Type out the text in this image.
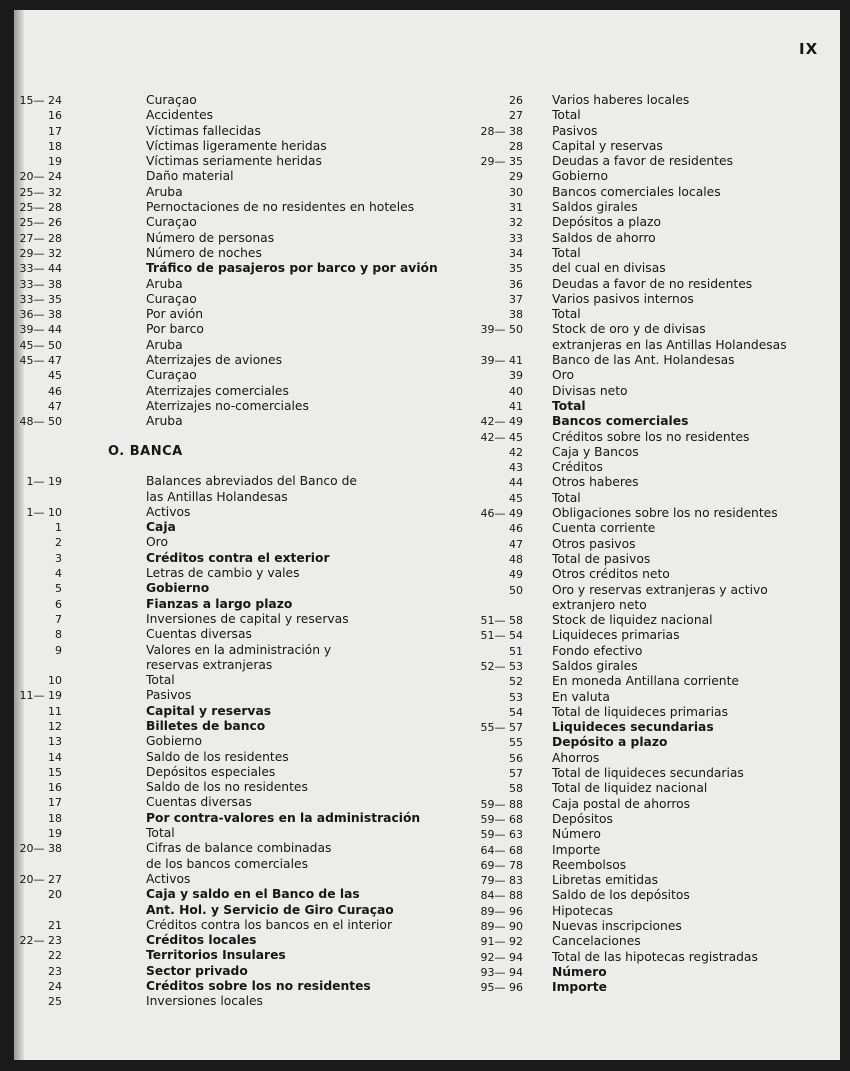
IX
15— 24	Curaçao
16	Accidentes
17	Víctimas fallecidas
18	Víctimas ligeramente heridas
19	Víctimas seriamente heridas
20— 24	Daño material
25— 32	Aruba
25— 28	Pernoctaciones de no residentes en hoteles
25— 26	Curaçao
27— 28	Número de personas
29— 32	Número de noches
33— 44	Tráfico de pasajeros por barco y por avión
33— 38	Aruba
33— 35	Curaçao
36— 38	Por avión
39— 44	Por barco
45— 50	Aruba
45— 47	Aterrizajes de aviones
45	Curaçao
46	Aterrizajes comerciales
47	Aterrizajes no-comerciales
48— 50	Aruba
O. BANCA
1— 19	Balances abreviados del Banco de
las Antillas Holandesas
1— 10	Activos
1	Caja
2	Oro
3	Créditos contra el exterior
4	Letras de cambio y vales
5	Gobierno
6	Fianzas a largo plazo
7	Inversiones de capital y reservas
8	Cuentas diversas
9	Valores en la administración y
reservas extranjeras
10	Total
11— 19	Pasivos
11	Capital y reservas
12	Billetes de banco
13	Gobierno
14	Saldo de los residentes
15	Depósitos especiales
16	Saldo de los no residentes
17	Cuentas diversas
18	Por contra-valores en la administración
19	Total
20— 38	Cifras de balance combinadas
de los bancos comerciales
20— 27	Activos
20	Caja y saldo en el Banco de las
Ant. Hol. y Servicio de Giro Curaçao
21	Créditos contra los bancos en el interior
22— 23	Créditos locales
22	Territorios Insulares
23	Sector privado
24	Créditos sobre los no residentes
25	Inversiones locales
26 Varios haberes locales
27 Total
28— 38 Pasivos
28 Capital y reservas
29— 35 Deudas a favor de residentes
29 Gobierno
30 Bancos comerciales locales
31 Saldos girales
32 Depósitos a plazo
33 Saldos de ahorro
34 Total
35 del cual en divisas
36 Deudas a favor de no residentes
37 Varios pasivos internos
38 Total
39— 50 Stock de oro y de divisas
extranjeras en las Antillas Holandesas
39— 41 Banco de las Ant. Holandesas
39 Oro
40 Divisas neto
41 Total
42— 49 Bancos comerciales
42— 45 Créditos sobre los no residentes
42 Caja y Bancos
43 Créditos
44 Otros haberes
45 Total
46— 49 Obligaciones sobre los no residentes
46 Cuenta corriente
47 Otros pasivos
48 Total de pasivos
49 Otros créditos neto
50 Oro y reservas extranjeras y activo
extranjero neto
51— 58 Stock de liquidez nacional
51— 54 Liquideces primarias
51 Fondo efectivo
52— 53 Saldos girales
52 En moneda Antillana corriente
53 En valuta
54 Total de liquideces primarias
55— 57 Liquideces secundarias
55 Depósito a plazo
56 Ahorros
57 Total de liquideces secundarias
58 Total de liquidez nacional
59— 88 Caja postal de ahorros
59— 68 Depósitos
59— 63 Número
64— 68 Importe
69— 78 Reembolsos
79— 83 Libretas emitidas
84— 88 Saldo de los depósitos
89— 96 Hipotecas
89— 90 Nuevas inscripciones
91— 92 Cancelaciones
92— 94 Total de las hipotecas registradas
93— 94 Número
95— 96 Importe
